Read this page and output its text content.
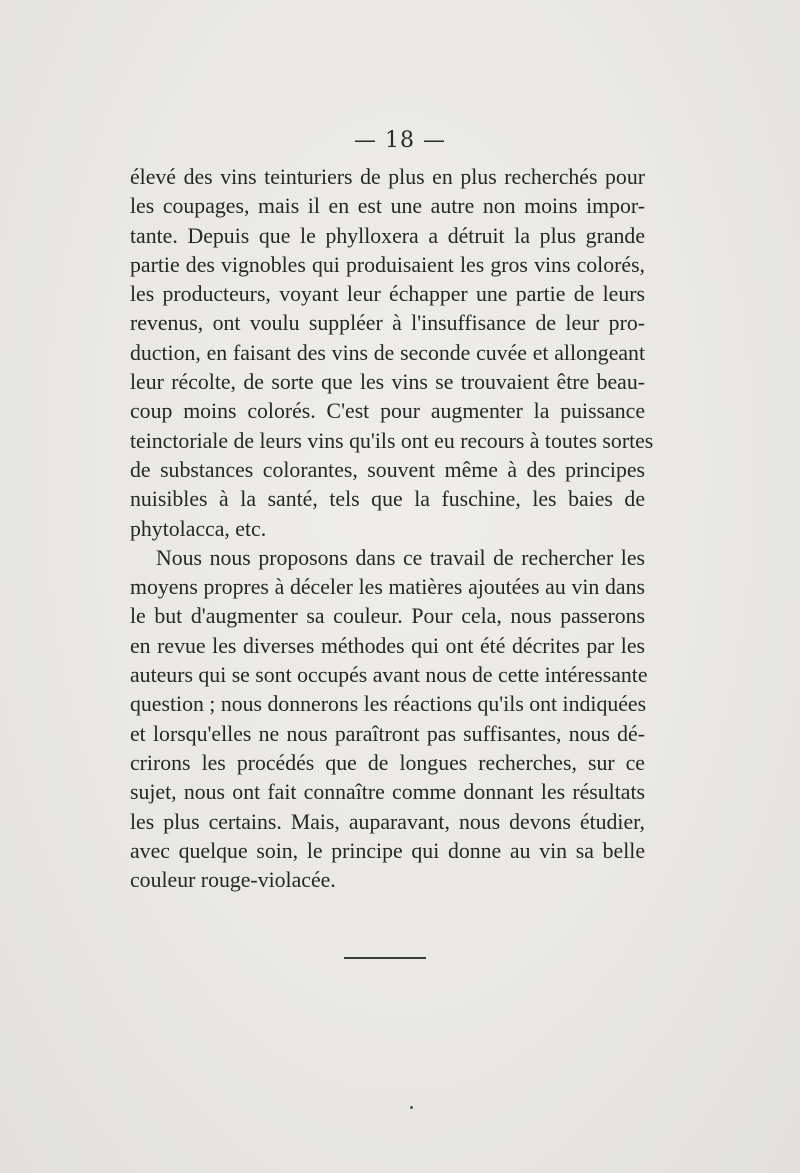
— 18 —
élevé des vins teinturiers de plus en plus recherchés pour
les coupages, mais il en est une autre non moins impor-
tante. Depuis que le phylloxera a détruit la plus grande
partie des vignobles qui produisaient les gros vins colorés,
les producteurs, voyant leur échapper une partie de leurs
revenus, ont voulu suppléer à l'insuffisance de leur pro-
duction, en faisant des vins de seconde cuvée et allongeant
leur récolte, de sorte que les vins se trouvaient être beau-
coup moins colorés. C'est pour augmenter la puissance
teinctoriale de leurs vins qu'ils ont eu recours à toutes sortes
de substances colorantes, souvent même à des principes
nuisibles à la santé, tels que la fuschine, les baies de
phytolacca, etc.
Nous nous proposons dans ce travail de rechercher les
moyens propres à déceler les matières ajoutées au vin dans
le but d'augmenter sa couleur. Pour cela, nous passerons
en revue les diverses méthodes qui ont été décrites par les
auteurs qui se sont occupés avant nous de cette intéressante
question ; nous donnerons les réactions qu'ils ont indiquées
et lorsqu'elles ne nous paraîtront pas suffisantes, nous dé-
crirons les procédés que de longues recherches, sur ce
sujet, nous ont fait connaître comme donnant les résultats
les plus certains. Mais, auparavant, nous devons étudier,
avec quelque soin, le principe qui donne au vin sa belle
couleur rouge-violacée.
